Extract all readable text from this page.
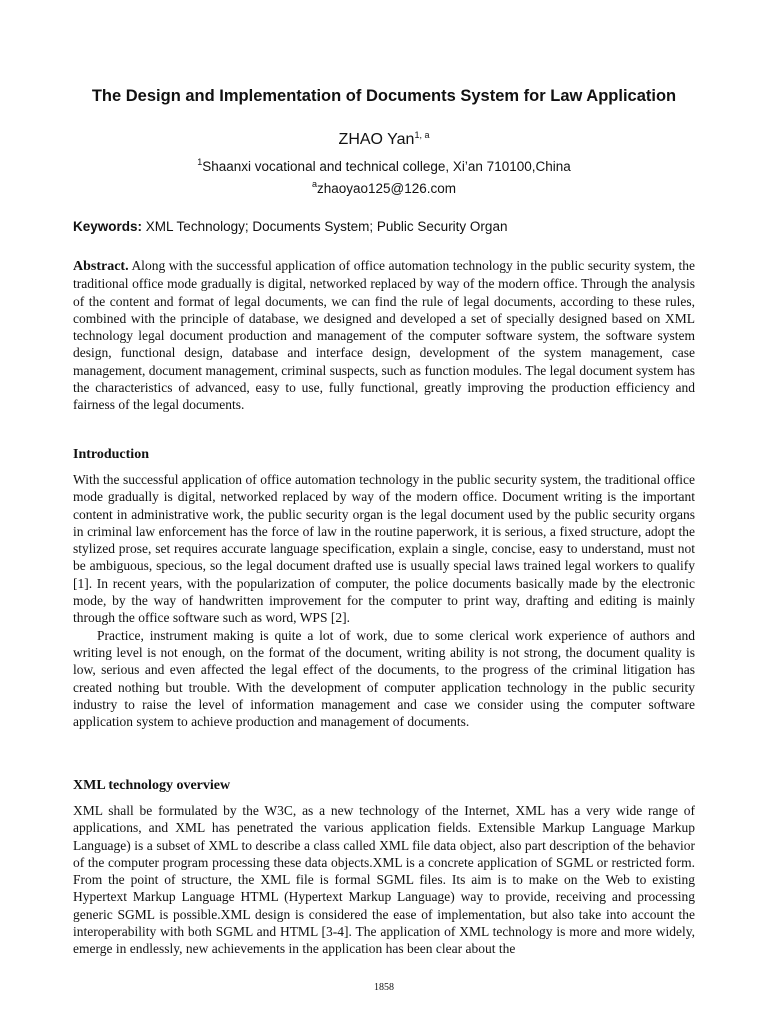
The Design and Implementation of Documents System for Law Application
ZHAO Yan$^{1, a}$
$^1$Shaanxi vocational and technical college, Xi’an 710100,China
$^a$zhaoyao125@126.com
Keywords: XML Technology; Documents System; Public Security Organ

Abstract. Along with the successful application of office automation technology in the public security system, the traditional office mode gradually is digital, networked replaced by way of the modern office. Through the analysis of the content and format of legal documents, we can find the rule of legal documents, according to these rules, combined with the principle of database, we designed and developed a set of specially designed based on XML technology legal document production and management of the computer software system, the software system design, functional design, database and interface design, development of the system management, case management, document management, criminal suspects, such as function modules. The legal document system has the characteristics of advanced, easy to use, fully functional, greatly improving the production efficiency and fairness of the legal documents.

Introduction

With the successful application of office automation technology in the public security system, the traditional office mode gradually is digital, networked replaced by way of the modern office. Document writing is the important content in administrative work, the public security organ is the legal document used by the public security organs in criminal law enforcement has the force of law in the routine paperwork, it is serious, a fixed structure, adopt the stylized prose, set requires accurate language specification, explain a single, concise, easy to understand, must not be ambiguous, specious, so the legal document drafted use is usually special laws trained legal workers to qualify [1]. In recent years, with the popularization of computer, the police documents basically made by the electronic mode, by the way of handwritten improvement for the computer to print way, drafting and editing is mainly through the office software such as word, WPS [2].

Practice, instrument making is quite a lot of work, due to some clerical work experience of authors and writing level is not enough, on the format of the document, writing ability is not strong, the document quality is low, serious and even affected the legal effect of the documents, to the progress of the criminal litigation has created nothing but trouble. With the development of computer application technology in the public security industry to raise the level of information management and case we consider using the computer software application system to achieve production and management of documents.

XML technology overview

XML shall be formulated by the W3C, as a new technology of the Internet, XML has a very wide range of applications, and XML has penetrated the various application fields. Extensible Markup Language Markup Language) is a subset of XML to describe a class called XML file data object, also part description of the behavior of the computer program processing these data objects.XML is a concrete application of SGML or restricted form. From the point of structure, the XML file is formal SGML files. Its aim is to make on the Web to existing Hypertext Markup Language HTML (Hypertext Markup Language) way to provide, receiving and processing generic SGML is possible.XML design is considered the ease of implementation, but also take into account the interoperability with both SGML and HTML [3-4]. The application of XML technology is more and more widely, emerge in endlessly, new achievements in the application has been clear about the

1858
